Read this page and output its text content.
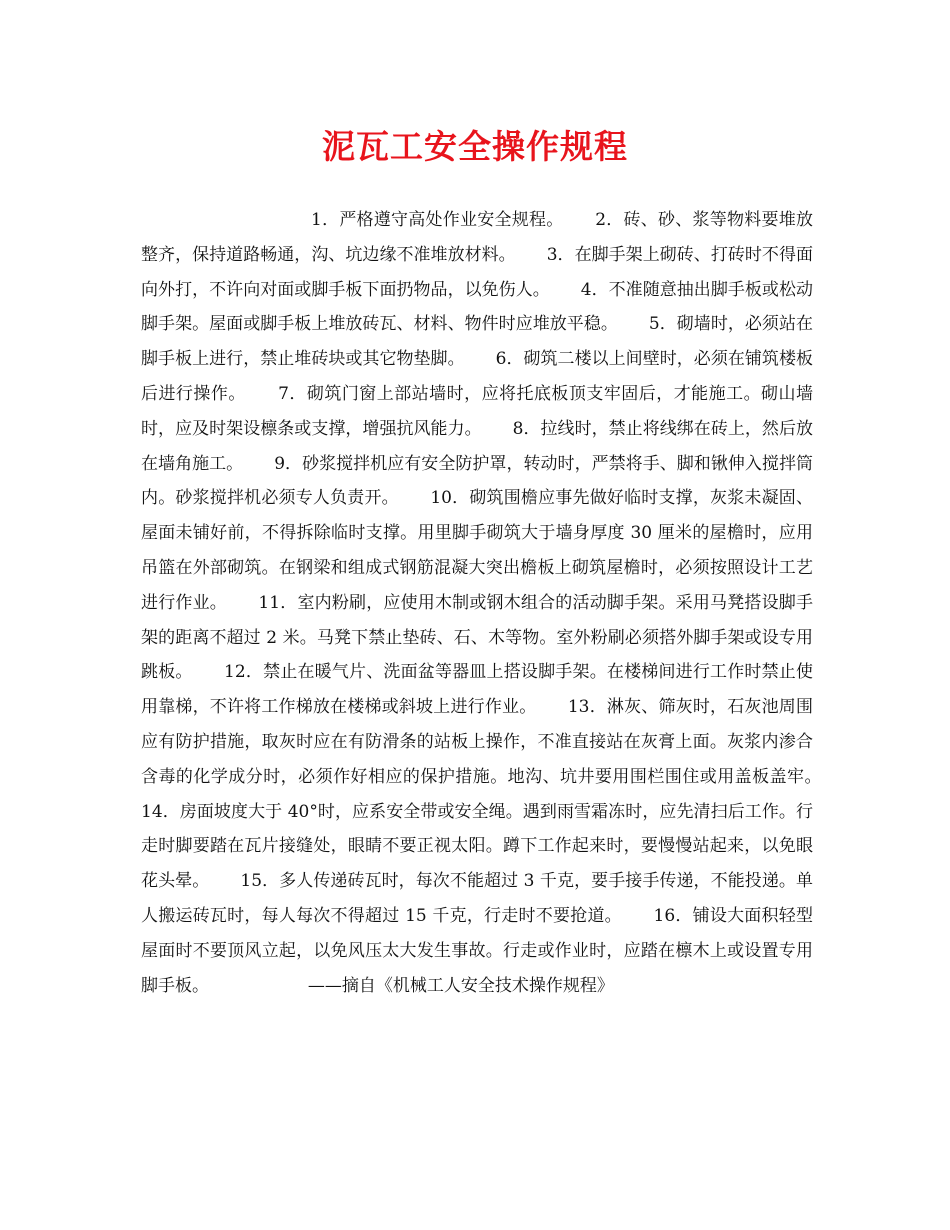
泥瓦工安全操作规程

1．严格遵守高处作业安全规程。　　 2．砖、砂、浆等物料要堆放整齐，保持道路畅通，沟、坑边缘不准堆放材料。　　 3．在脚手架上砌砖、打砖时不得面向外打，不许向对面或脚手板下面扔物品，以免伤人。　　 4．不准随意抽出脚手板或松动脚手架。屋面或脚手板上堆放砖瓦、材料、物件时应堆放平稳。　　 5．砌墙时，必须站在脚手板上进行，禁止堆砖块或其它物垫脚。　　 6．砌筑二楼以上间壁时，必须在铺筑楼板后进行操作。　　 7．砌筑门窗上部站墙时，应将托底板顶支牢固后，才能施工。砌山墙时，应及时架设檩条或支撑，增强抗风能力。　　 8．拉线时，禁止将线绑在砖上，然后放在墙角施工。　　 9．砂浆搅拌机应有安全防护罩，转动时，严禁将手、脚和锹伸入搅拌筒内。砂浆搅拌机必须专人负责开。　　 10．砌筑围檐应事先做好临时支撑，灰浆未凝固、屋面未铺好前，不得拆除临时支撑。用里脚手砌筑大于墙身厚度 30 厘米的屋檐时，应用吊篮在外部砌筑。在钢梁和组成式钢筋混凝大突出檐板上砌筑屋檐时，必须按照设计工艺进行作业。　　 11．室内粉刷，应使用木制或钢木组合的活动脚手架。采用马凳搭设脚手架的距离不超过 2 米。马凳下禁止垫砖、石、木等物。室外粉刷必须搭外脚手架或设专用跳板。　　 12．禁止在暖气片、洗面盆等器皿上搭设脚手架。在楼梯间进行工作时禁止使用靠梯，不许将工作梯放在楼梯或斜坡上进行作业。　　 13．淋灰、筛灰时，石灰池周围应有防护措施，取灰时应在有防滑条的站板上操作，不准直接站在灰膏上面。灰浆内渗合含毒的化学成分时，必须作好相应的保护措施。地沟、坑井要用围栏围住或用盖板盖牢。　　 14．房面坡度大于 40°时，应系安全带或安全绳。遇到雨雪霜冻时，应先清扫后工作。行走时脚要踏在瓦片接缝处，眼睛不要正视太阳。蹲下工作起来时，要慢慢站起来，以免眼花头晕。　　 15．多人传递砖瓦时，每次不能超过 3 千克，要手接手传递，不能投递。单人搬运砖瓦时，每人每次不得超过 15 千克，行走时不要抢道。　　 16．铺设大面积轻型屋面时不要顶风立起，以免风压太大发生事故。行走或作业时，应踏在檩木上或设置专用脚手板。　　　　　　 ——摘自《机械工人安全技术操作规程》
